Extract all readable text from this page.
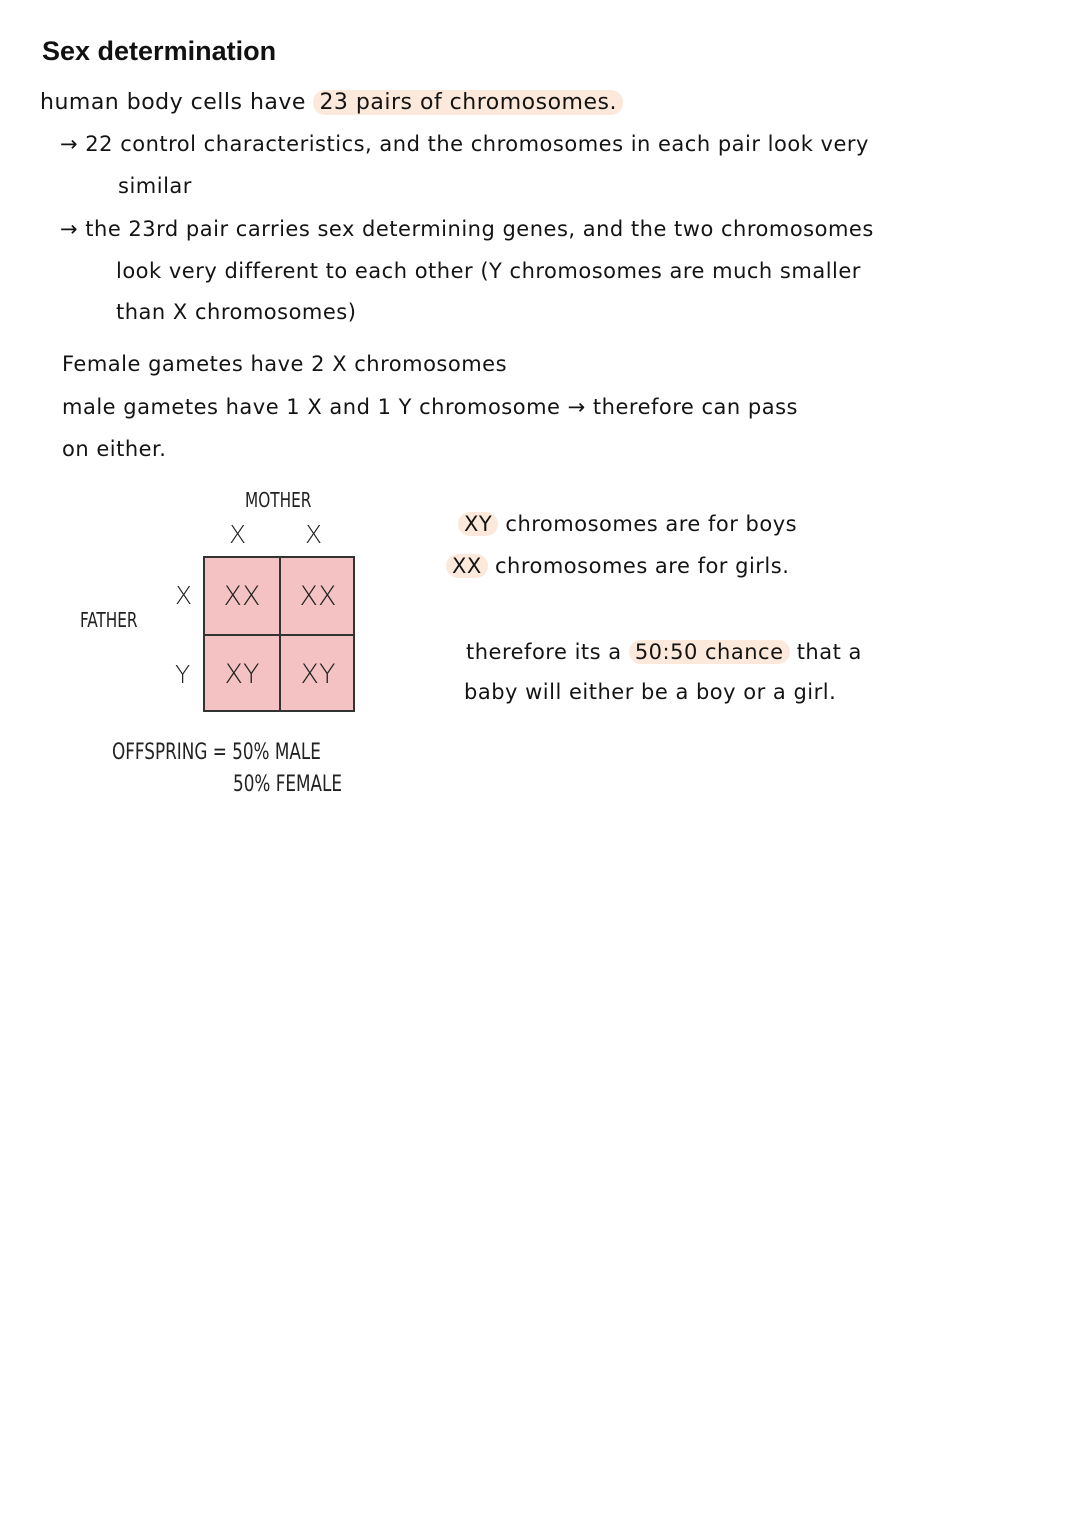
Sex determination
human body cells have 23 pairs of chromosomes.
→ 22 control characteristics, and the chromosomes in each pair look very
similar
→ the 23rd pair carries sex determining genes, and the two chromosomes
look very different to each other (Y chromosomes are much smaller
than X chromosomes)
Female gametes have 2 X chromosomes
male gametes have 1 X and 1 Y chromosome → therefore can pass
on either.
MOTHER
X X
FATHER
X
Y
XX	XX
XY	XY
OFFSPRING = 50% MALE
50% FEMALE
XY chromosomes are for boys
XX chromosomes are for girls.
therefore its a 50:50 chance that a
baby will either be a boy or a girl.
